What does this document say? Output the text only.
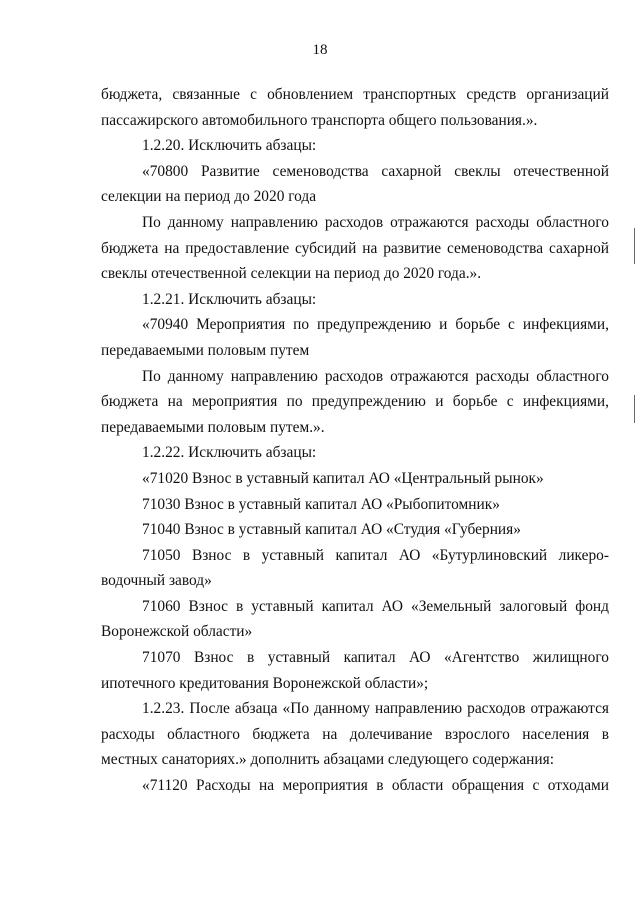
18

бюджета, связанные с обновлением транспортных средств организаций пассажирского автомобильного транспорта общего пользования.».

1.2.20. Исключить абзацы:

«70800 Развитие семеноводства сахарной свеклы отечественной селекции на период до 2020 года

По данному направлению расходов отражаются расходы областного бюджета на предоставление субсидий на развитие семеноводства сахарной свеклы отечественной селекции на период до 2020 года.».

1.2.21. Исключить абзацы:

«70940 Мероприятия по предупреждению и борьбе с инфекциями, передаваемыми половым путем

По данному направлению расходов отражаются расходы областного бюджета на мероприятия по предупреждению и борьбе с инфекциями, передаваемыми половым путем.».

1.2.22. Исключить абзацы:

«71020 Взнос в уставный капитал АО «Центральный рынок»

71030 Взнос в уставный капитал АО «Рыбопитомник»

71040 Взнос в уставный капитал АО «Студия «Губерния»

71050 Взнос в уставный капитал АО «Бутурлиновский ликеро-водочный завод»

71060 Взнос в уставный капитал АО «Земельный залоговый фонд Воронежской области»

71070 Взнос в уставный капитал АО «Агентство жилищного ипотечного кредитования Воронежской области»;

1.2.23. После абзаца «По данному направлению расходов отражаются расходы областного бюджета на долечивание взрослого населения в местных санаториях.» дополнить абзацами следующего содержания:

«71120 Расходы на мероприятия в области обращения с отходами
